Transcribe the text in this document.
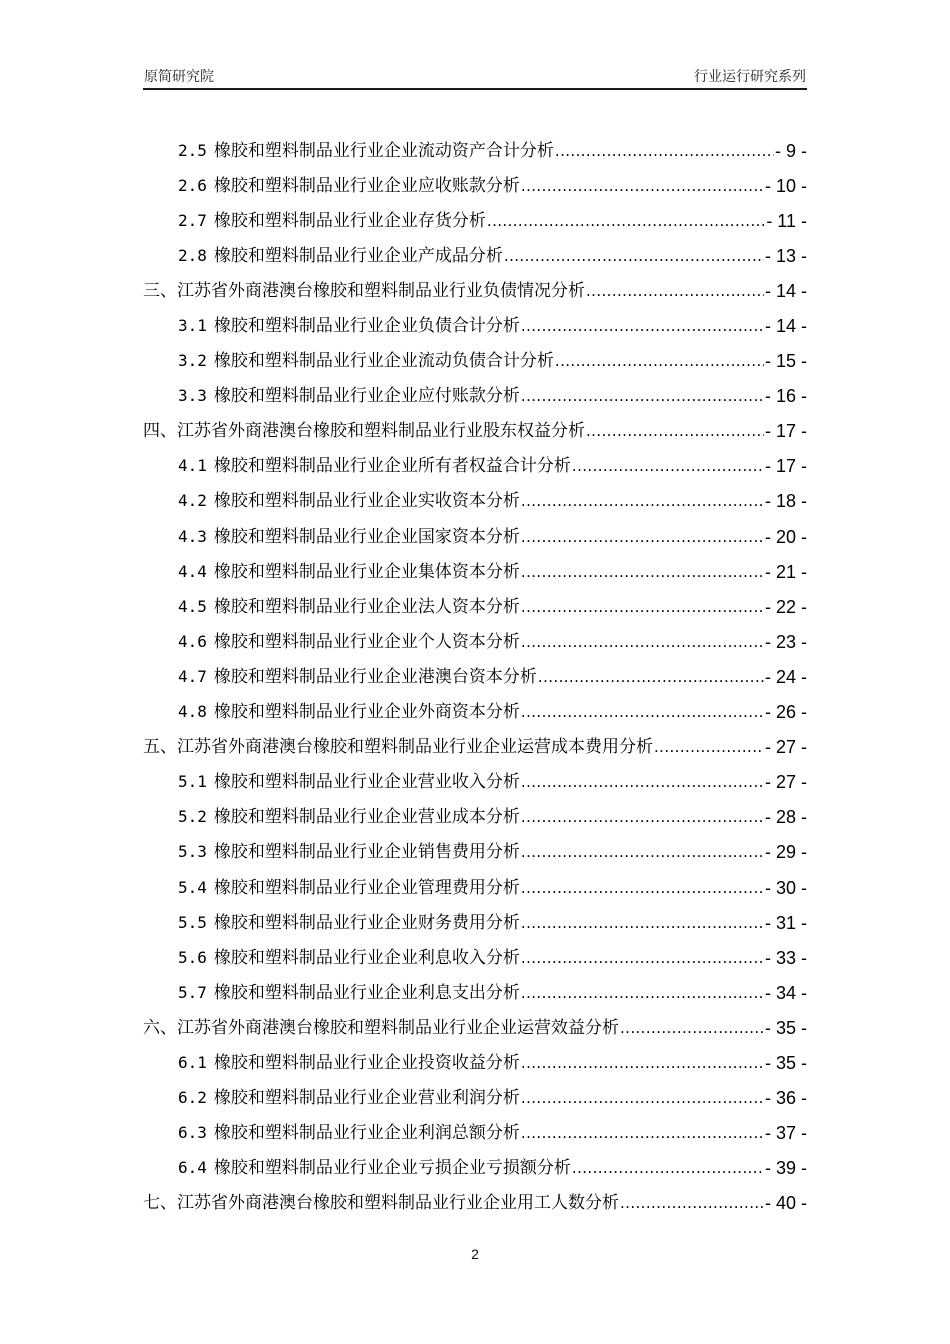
原简研究院	行业运行研究系列
2.5 橡胶和塑料制品业行业企业流动资产合计分析 .....	- 9 -
2.6 橡胶和塑料制品业行业企业应收账款分析 .....	- 10 -
2.7 橡胶和塑料制品业行业企业存货分析 .....	- 11 -
2.8 橡胶和塑料制品业行业企业产成品分析 .....	- 13 -
三、江苏省外商港澳台橡胶和塑料制品业行业负债情况分析 .....	- 14 -
3.1 橡胶和塑料制品业行业企业负债合计分析 .....	- 14 -
3.2 橡胶和塑料制品业行业企业流动负债合计分析 .....	- 15 -
3.3 橡胶和塑料制品业行业企业应付账款分析 .....	- 16 -
四、江苏省外商港澳台橡胶和塑料制品业行业股东权益分析 .....	- 17 -
4.1 橡胶和塑料制品业行业企业所有者权益合计分析 .....	- 17 -
4.2 橡胶和塑料制品业行业企业实收资本分析 .....	- 18 -
4.3 橡胶和塑料制品业行业企业国家资本分析 .....	- 20 -
4.4 橡胶和塑料制品业行业企业集体资本分析 .....	- 21 -
4.5 橡胶和塑料制品业行业企业法人资本分析 .....	- 22 -
4.6 橡胶和塑料制品业行业企业个人资本分析 .....	- 23 -
4.7 橡胶和塑料制品业行业企业港澳台资本分析 .....	- 24 -
4.8 橡胶和塑料制品业行业企业外商资本分析 .....	- 26 -
五、江苏省外商港澳台橡胶和塑料制品业行业企业运营成本费用分析 .....	- 27 -
5.1 橡胶和塑料制品业行业企业营业收入分析 .....	- 27 -
5.2 橡胶和塑料制品业行业企业营业成本分析 .....	- 28 -
5.3 橡胶和塑料制品业行业企业销售费用分析 .....	- 29 -
5.4 橡胶和塑料制品业行业企业管理费用分析 .....	- 30 -
5.5 橡胶和塑料制品业行业企业财务费用分析 .....	- 31 -
5.6 橡胶和塑料制品业行业企业利息收入分析 .....	- 33 -
5.7 橡胶和塑料制品业行业企业利息支出分析 .....	- 34 -
六、江苏省外商港澳台橡胶和塑料制品业行业企业运营效益分析 .....	- 35 -
6.1 橡胶和塑料制品业行业企业投资收益分析 .....	- 35 -
6.2 橡胶和塑料制品业行业企业营业利润分析 .....	- 36 -
6.3 橡胶和塑料制品业行业企业利润总额分析 .....	- 37 -
6.4 橡胶和塑料制品业行业企业亏损企业亏损额分析 .....	- 39 -
七、江苏省外商港澳台橡胶和塑料制品业行业企业用工人数分析 .....	- 40 -
2
